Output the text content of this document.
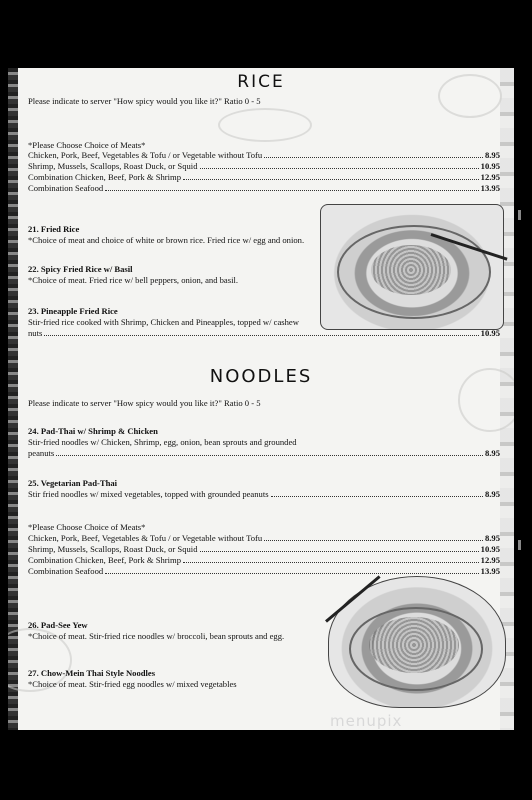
RICE
Please indicate to server "How spicy would you like it?" Ratio 0 - 5
*Please Choose Choice of Meats*
Chicken, Pork, Beef, Vegetables & Tofu / or Vegetable without Tofu	8.95
Shrimp, Mussels, Scallops, Roast Duck, or Squid	10.95
Combination Chicken, Beef, Pork & Shrimp	12.95
Combination Seafood	13.95
21. Fried Rice
*Choice of meat and choice of white or brown rice. Fried rice w/ egg and onion.
22. Spicy Fried Rice w/ Basil
*Choice of meat. Fried rice w/ bell peppers, onion, and basil.
23. Pineapple Fried Rice
Stir-fried rice cooked with Shrimp, Chicken and Pineapples, topped w/ cashew
nuts	10.95
NOODLES
Please indicate to server "How spicy would you like it?" Ratio 0 - 5
24. Pad-Thai w/ Shrimp & Chicken
Stir-fried noodles w/ Chicken, Shrimp, egg, onion, bean sprouts and grounded
peanuts	8.95
25. Vegetarian Pad-Thai
Stir fried noodles w/ mixed vegetables, topped with grounded peanuts	8.95
*Please Choose Choice of Meats*
Chicken, Pork, Beef, Vegetables & Tofu / or Vegetable without Tofu	8.95
Shrimp, Mussels, Scallops, Roast Duck, or Squid	10.95
Combination Chicken, Beef, Pork & Shrimp	12.95
Combination Seafood	13.95
26. Pad-See Yew
*Choice of meat. Stir-fried rice noodles w/ broccoli, bean sprouts and egg.
27. Chow-Mein Thai Style Noodles
*Choice of meat. Stir-fried egg noodles w/ mixed vegetables
menupix
